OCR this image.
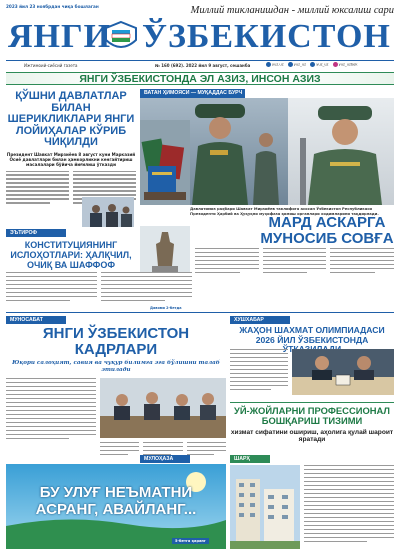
2023 йил 23 ноябрдан чиқа бошлаган	Миллий тикланишдан - миллий юксалиш сари
ЯНГИ ЎЗБЕКИСТОН
Ижтимоий-сиёсий газета	№ 160 (692). 2022 йил 9 август, сешанба	yuz.uz	yuz_uz	yuz_uz	yuz_uzbek
ЯНГИ ЎЗБЕКИСТОНДА ЭЛ АЗИЗ, ИНСОН АЗИЗ
ҚЎШНИ ДАВЛАТЛАР БИЛАН ШЕРИКЛИКЛАРИ ЯНГИ ЛОЙИҲАЛАР КЎРИБ ЧИҚИЛДИ
Президент Шавкат Мирзиёев 8 август куни Марказий Осиё давлатлари билан ҳамкорликни кенгайтириш масалалари бўйича йиғилиш ўтказди
ВАТАН ҲИМОЯСИ — МУҚАДДАС БУРЧ
Давлатимиз раҳбари Шавкат Мирзиёев таклифига асосан Ўзбекистон Республикаси Президенти Ҳарбий ва Ҳуқуқни муҳофаза қилиш органлари ходимларини тақдирлади.
МАРД АСКАРГА
МУНОСИБ СОВҒА
ЭЪТИРОФ
КОНСТИТУЦИЯНИНГ ИСЛОҲОТЛАРИ: ҲАЛҚЧИЛ, ОЧИҚ ВА ШАФФОФ
Давоми 2-бетда
МУНОСАБАТ
ЯНГИ ЎЗБЕКИСТОН
КАДРЛАРИ
Юқори салоҳият, савия ва чуқур билимга эга бўлишни талаб этилади
ХУШХАБАР
ЖАҲОН ШАХМАТ ОЛИМПИАДАСИ 2026 ЙИЛ ЎЗБЕКИСТОНДА
УЙ-ЖОЙЛАРНИ ПРОФЕССИОНАЛ БОШҚАРИШ ТИЗИМИ
хизмат сифатини ошириш, аҳолига қулай шароит яратади
ШАРҲ
МУЛОҲАЗА
БУ УЛУҒ НЕЪМАТНИ
АСРАНГ, АВАЙЛАНГ...
5-бетга қаранг
